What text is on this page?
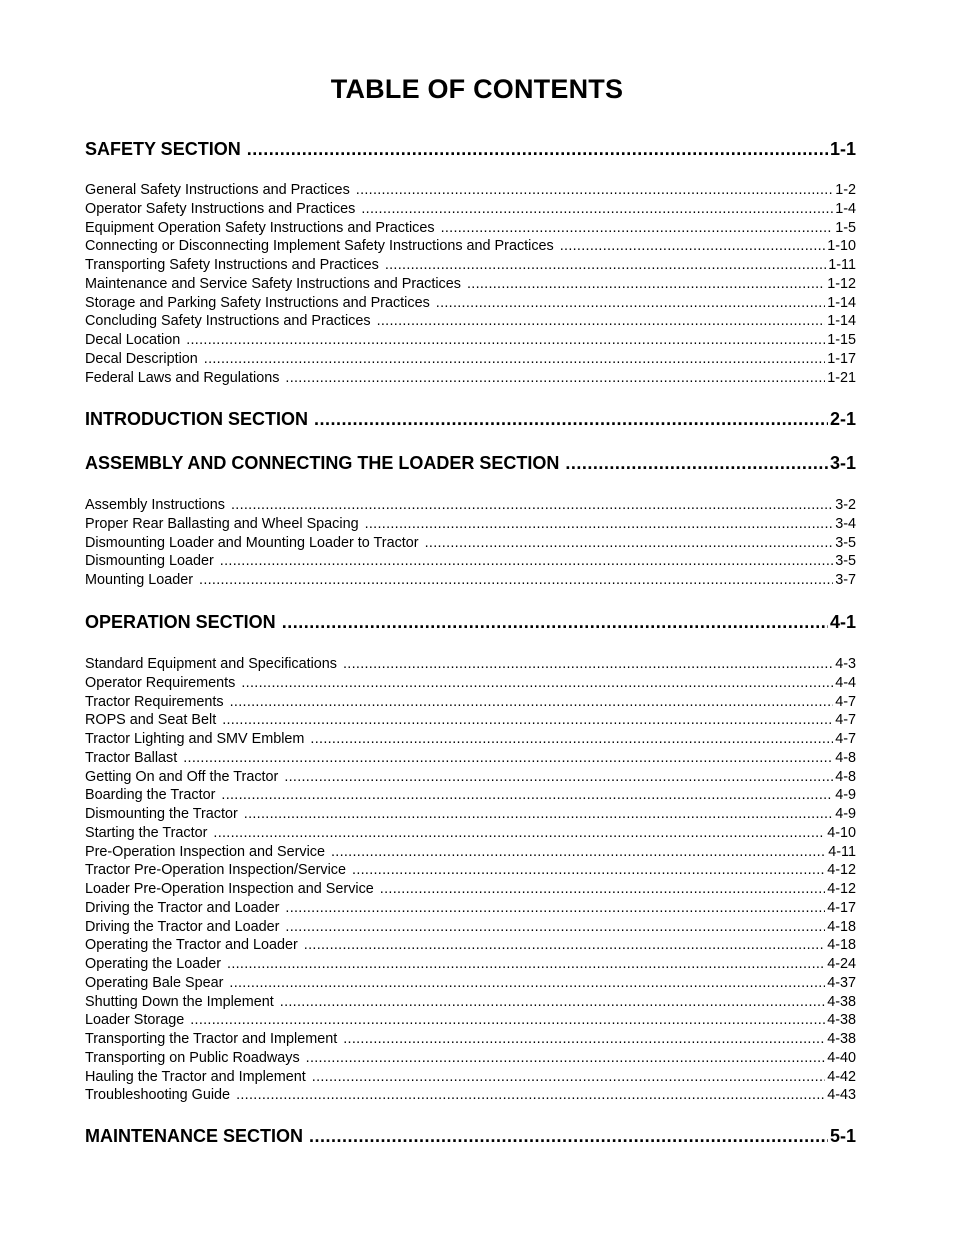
TABLE OF CONTENTS
SAFETY SECTION .....	1-1
General Safety Instructions and Practices .....	1-2
Operator Safety Instructions and Practices .....	1-4
Equipment Operation Safety Instructions and Practices .....	1-5
Connecting or Disconnecting Implement Safety Instructions and Practices .....	1-10
Transporting Safety Instructions and Practices .....	1-11
Maintenance and Service Safety Instructions and Practices .....	1-12
Storage and Parking Safety Instructions and Practices .....	1-14
Concluding Safety Instructions and Practices .....	1-14
Decal Location .....	1-15
Decal Description .....	1-17
Federal Laws and Regulations .....	1-21
INTRODUCTION SECTION .....	2-1
ASSEMBLY AND CONNECTING THE LOADER SECTION .....	3-1
Assembly Instructions .....	3-2
Proper Rear Ballasting and Wheel Spacing .....	3-4
Dismounting Loader and Mounting Loader to Tractor .....	3-5
Dismounting Loader .....	3-5
Mounting Loader .....	3-7
OPERATION SECTION .....	4-1
Standard Equipment and Specifications .....	4-3
Operator Requirements .....	4-4
Tractor Requirements .....	4-7
ROPS and Seat Belt .....	4-7
Tractor Lighting and SMV Emblem .....	4-7
Tractor Ballast .....	4-8
Getting On and Off the Tractor .....	4-8
Boarding the Tractor .....	4-9
Dismounting the Tractor .....	4-9
Starting the Tractor .....	4-10
Pre-Operation Inspection and Service .....	4-11
Tractor Pre-Operation Inspection/Service .....	4-12
Loader Pre-Operation Inspection and Service .....	4-12
Driving the Tractor and Loader .....	4-17
Driving the Tractor and Loader .....	4-18
Operating the Tractor and Loader .....	4-18
Operating the Loader .....	4-24
Operating Bale Spear .....	4-37
Shutting Down the Implement .....	4-38
Loader Storage .....	4-38
Transporting the Tractor and Implement .....	4-38
Transporting on Public Roadways .....	4-40
Hauling the Tractor and Implement .....	4-42
Troubleshooting Guide .....	4-43
MAINTENANCE SECTION .....	5-1
